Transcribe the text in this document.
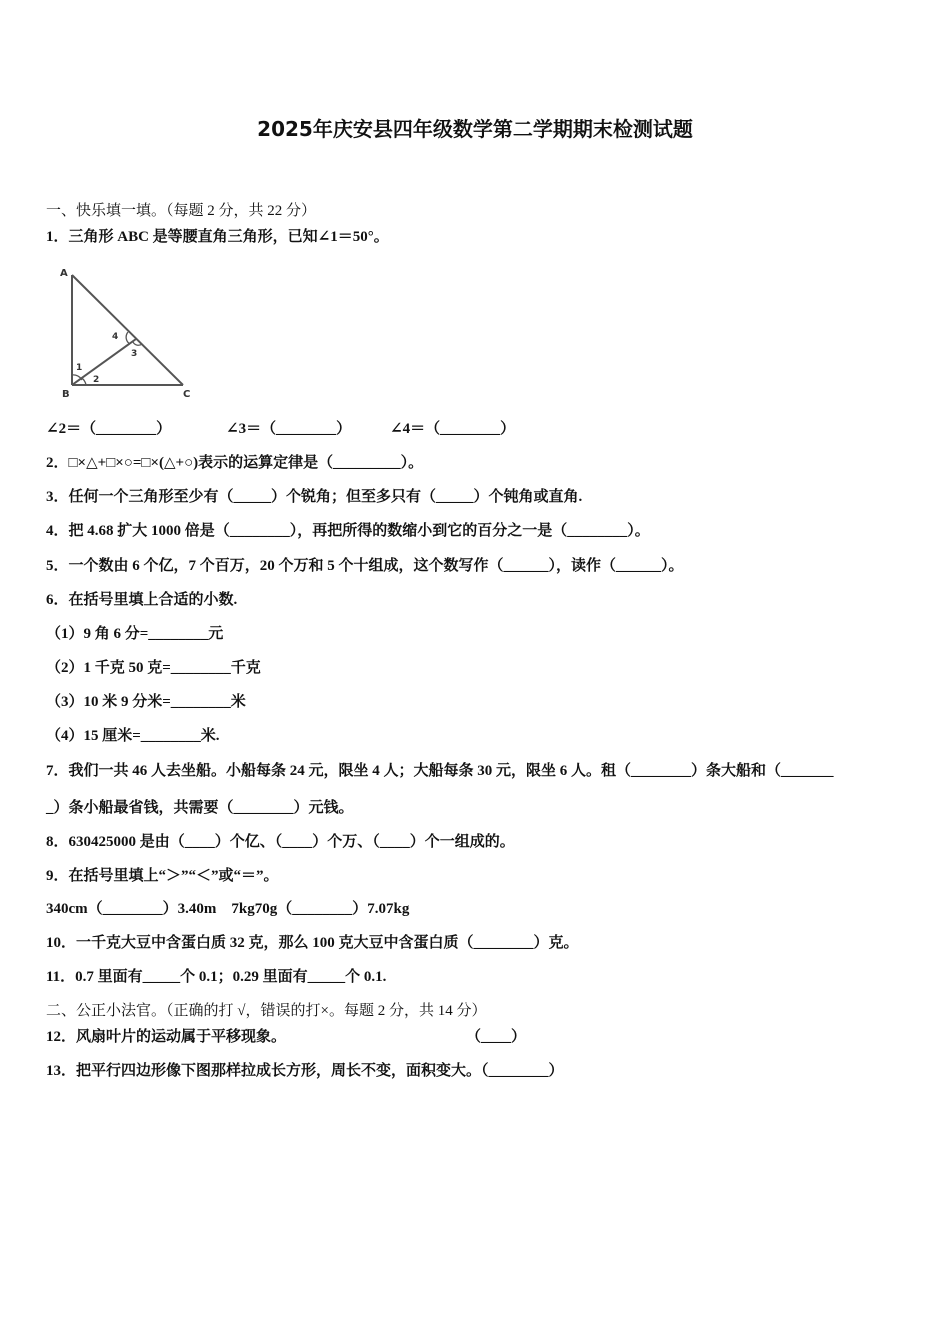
2025年庆安县四年级数学第二学期期末检测试题
一、快乐填一填。（每题 2 分，共 22 分）
1．三角形 ABC 是等腰直角三角形，已知∠1＝50°。
A
B	C
1
2
3
4
∠2＝（________）	∠3＝（________）	∠4＝（________）
2．□×△+□×○=□×(△+○)表示的运算定律是（_________）。
3．任何一个三角形至少有（_____）个锐角；但至多只有（_____）个钝角或直角.
4．把 4.68 扩大 1000 倍是（________），再把所得的数缩小到它的百分之一是（________）。
5．一个数由 6 个亿，7 个百万，20 个万和 5 个十组成，这个数写作（______），读作（______）。
6．在括号里填上合适的小数.
（1）9 角 6 分=________元
（2）1 千克 50 克=________千克
（3）10 米 9 分米=________米
（4）15 厘米=________米.
7．我们一共 46 人去坐船。小船每条 24 元，限坐 4 人；大船每条 30 元，限坐 6 人。租（________）条大船和（_______
_）条小船最省钱，共需要（________）元钱。
8．630425000 是由（____）个亿、（____）个万、（____）个一组成的。
9．在括号里填上“＞”“＜”或“＝”。
340cm（________）3.40m    7kg70g（________）7.07kg
10．一千克大豆中含蛋白质 32 克，那么 100 克大豆中含蛋白质（________）克。
11．0.7 里面有_____个 0.1；0.29 里面有_____个 0.1.
二、公正小法官。（正确的打 √，错误的打×。每题 2 分，共 14 分）
12．风扇叶片的运动属于平移现象。	（____）
13．把平行四边形像下图那样拉成长方形，周长不变，面积变大。（________）
